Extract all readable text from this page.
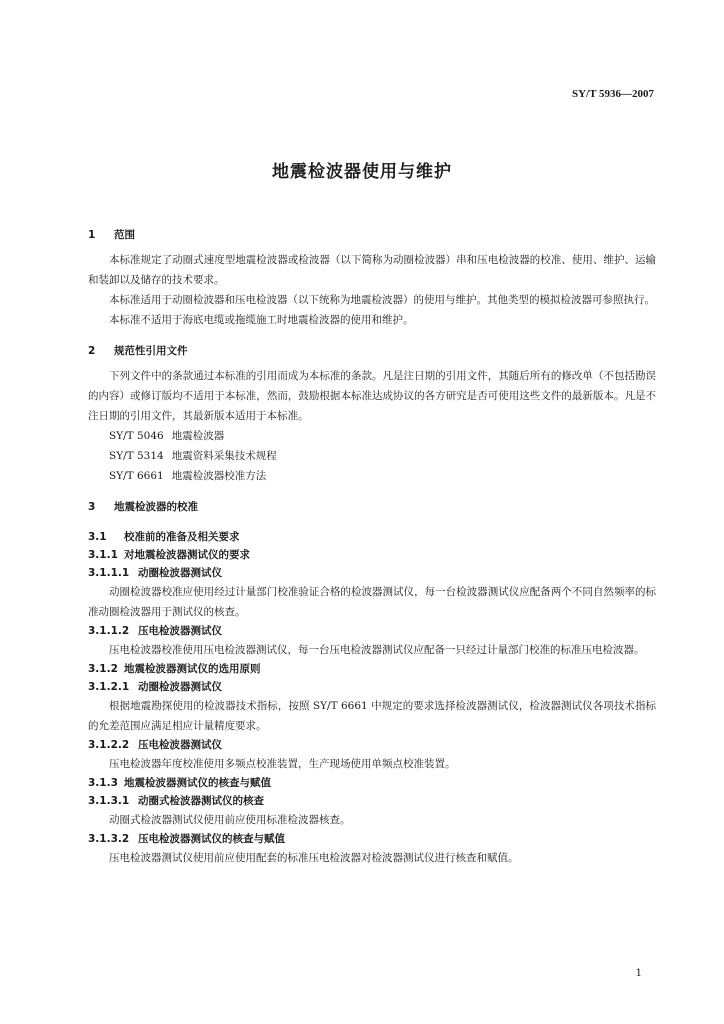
SY/T 5936—2007
地震检波器使用与维护
1 范围

本标准规定了动圈式速度型地震检波器或检波器（以下简称为动圈检波器）串和压电检波器的校准、使用、维护、运输和装卸以及储存的技术要求。

本标准适用于动圈检波器和压电检波器（以下统称为地震检波器）的使用与维护。其他类型的模拟检波器可参照执行。

本标准不适用于海底电缆或拖缆施工时地震检波器的使用和维护。

2 规范性引用文件

下列文件中的条款通过本标准的引用而成为本标准的条款。凡是注日期的引用文件，其随后所有的修改单（不包括勘误的内容）或修订版均不适用于本标准，然而，鼓励根据本标准达成协议的各方研究是否可使用这些文件的最新版本。凡是不注日期的引用文件，其最新版本适用于本标准。

SY/T 5046 地震检波器

SY/T 5314 地震资料采集技术规程

SY/T 6661 地震检波器校准方法

3 地震检波器的校准
3.1 校准前的准备及相关要求
3.1.1 对地震检波器测试仪的要求
3.1.1.1 动圈检波器测试仪

动圈检波器校准应使用经过计量部门校准验证合格的检波器测试仪，每一台检波器测试仪应配备两个不同自然频率的标准动圈检波器用于测试仪的核查。

3.1.1.2 压电检波器测试仪

压电检波器校准使用压电检波器测试仪，每一台压电检波器测试仪应配备一只经过计量部门校准的标准压电检波器。

3.1.2 地震检波器测试仪的选用原则
3.1.2.1 动圈检波器测试仪

根据地震勘探使用的检波器技术指标，按照 SY/T 6661 中规定的要求选择检波器测试仪，检波器测试仪各项技术指标的允差范围应满足相应计量精度要求。

3.1.2.2 压电检波器测试仪

压电检波器年度校准使用多频点校准装置，生产现场使用单频点校准装置。

3.1.3 地震检波器测试仪的核查与赋值
3.1.3.1 动圈式检波器测试仪的核查

动圈式检波器测试仪使用前应使用标准检波器核查。

3.1.3.2 压电检波器测试仪的核查与赋值

压电检波器测试仪使用前应使用配套的标准压电检波器对检波器测试仪进行核查和赋值。

1
